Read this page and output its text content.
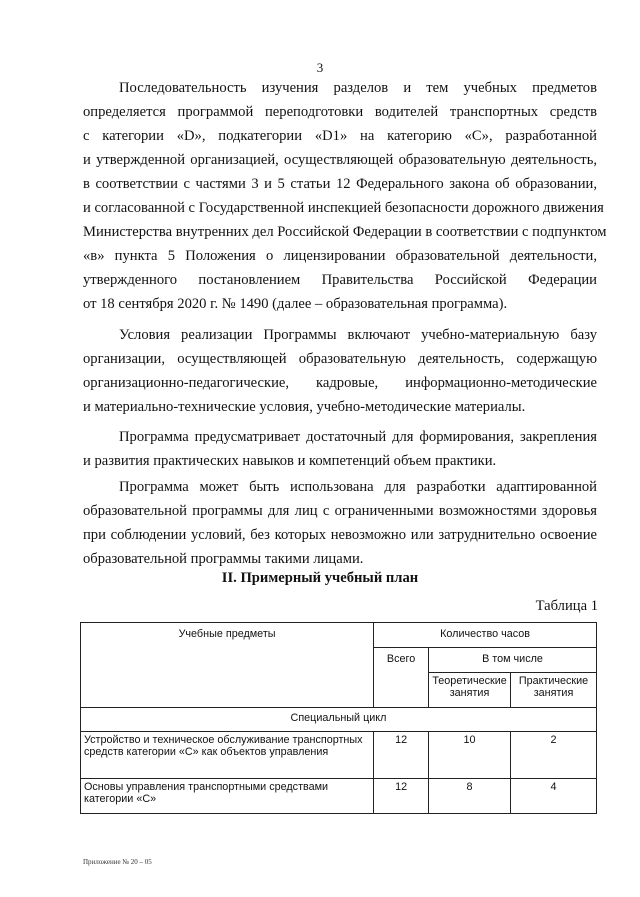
3

Последовательность изучения разделов и тем учебных предметов
определяется программой переподготовки водителей транспортных средств
с категории «D», подкатегории «D1» на категорию «С», разработанной
и утвержденной организацией, осуществляющей образовательную деятельность,
в соответствии с частями 3 и 5 статьи 12 Федерального закона об образовании,
и согласованной с Государственной инспекцией безопасности дорожного движения
Министерства внутренних дел Российской Федерации в соответствии с подпунктом
«в» пункта 5 Положения о лицензировании образовательной деятельности,
утвержденного постановлением Правительства Российской Федерации
от 18 сентября 2020 г. № 1490 (далее – образовательная программа).

Условия реализации Программы включают учебно-материальную базу
организации, осуществляющей образовательную деятельность, содержащую
организационно-педагогические, кадровые, информационно-методические
и материально-технические условия, учебно-методические материалы.

Программа предусматривает достаточный для формирования, закрепления
и развития практических навыков и компетенций объем практики.

Программа может быть использована для разработки адаптированной
образовательной программы для лиц с ограниченными возможностями здоровья
при соблюдении условий, без которых невозможно или затруднительно освоение
образовательной программы такими лицами.

II. Примерный учебный план
Таблица 1
Учебные предметы	Количество часов		
	Всего	В том числе	
		Теоретические занятия	Практические занятия
Специальный цикл			
Устройство и техническое обслуживание транспортных средств категории «С» как объектов управления	12	10	2
Основы управления транспортными средствами категории «С»	12	8	4
Приложение № 20 – 05
